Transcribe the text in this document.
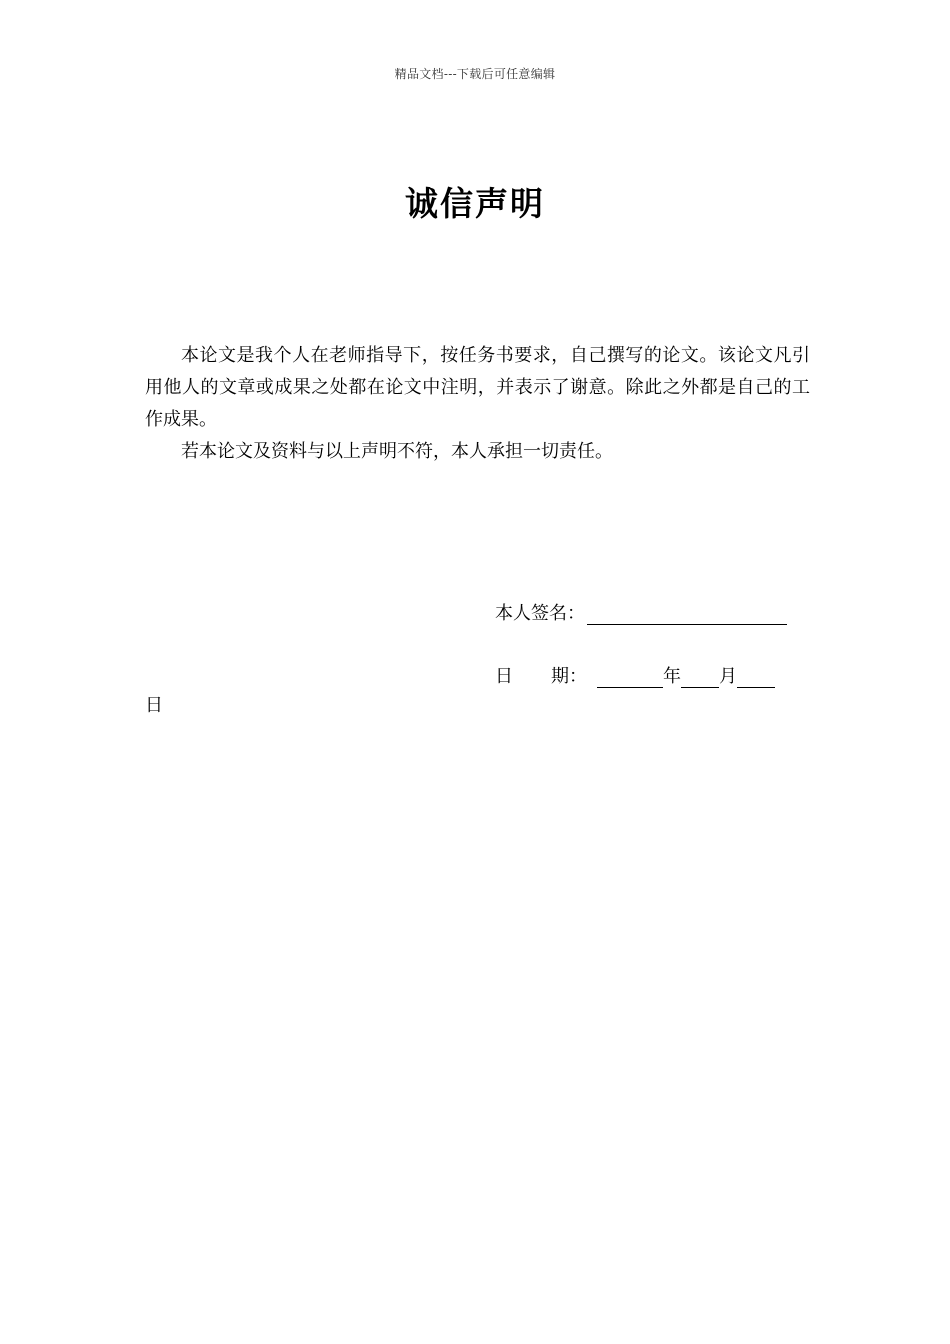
精品文档---下载后可任意编辑
诚信声明

本论文是我个人在老师指导下，按任务书要求，自己撰写的论文。该论文凡引用他人的文章或成果之处都在论文中注明，并表示了谢意。除此之外都是自己的工作成果。

若本论文及资料与以上声明不符，本人承担一切责任。

本人签名：
日 期：	年 月
日
